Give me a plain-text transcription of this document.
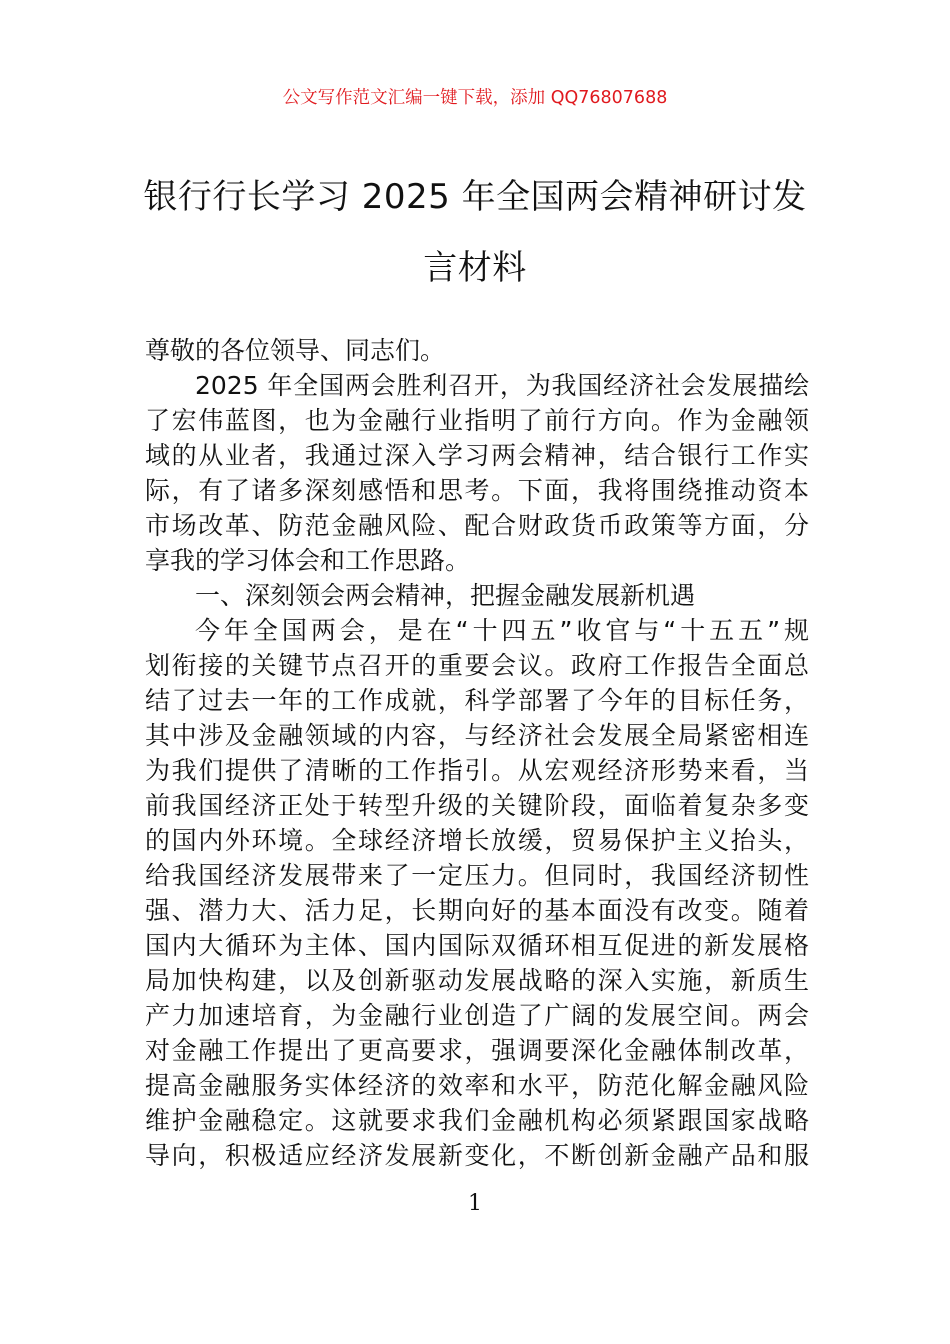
公文写作范文汇编一键下载，添加 QQ76807688
银行行长学习 2025 年全国两会精神研讨发
言材料
尊敬的各位领导、同志们。
2025 年全国两会胜利召开，为我国经济社会发展描绘
了宏伟蓝图，也为金融行业指明了前行方向。作为金融领
域的从业者，我通过深入学习两会精神，结合银行工作实
际，有了诸多深刻感悟和思考。下面，我将围绕推动资本
市场改革、防范金融风险、配合财政货币政策等方面，分
享我的学习体会和工作思路。
一、深刻领会两会精神，把握金融发展新机遇
今年全国两会，是在“十四五”收官与“十五五”规
划衔接的关键节点召开的重要会议。政府工作报告全面总
结了过去一年的工作成就，科学部署了今年的目标任务，
其中涉及金融领域的内容，与经济社会发展全局紧密相连
为我们提供了清晰的工作指引。从宏观经济形势来看，当
前我国经济正处于转型升级的关键阶段，面临着复杂多变
的国内外环境。全球经济增长放缓，贸易保护主义抬头，
给我国经济发展带来了一定压力。但同时，我国经济韧性
强、潜力大、活力足，长期向好的基本面没有改变。随着
国内大循环为主体、国内国际双循环相互促进的新发展格
局加快构建，以及创新驱动发展战略的深入实施，新质生
产力加速培育，为金融行业创造了广阔的发展空间。两会
对金融工作提出了更高要求，强调要深化金融体制改革，
提高金融服务实体经济的效率和水平，防范化解金融风险
维护金融稳定。这就要求我们金融机构必须紧跟国家战略
导向，积极适应经济发展新变化，不断创新金融产品和服
1
